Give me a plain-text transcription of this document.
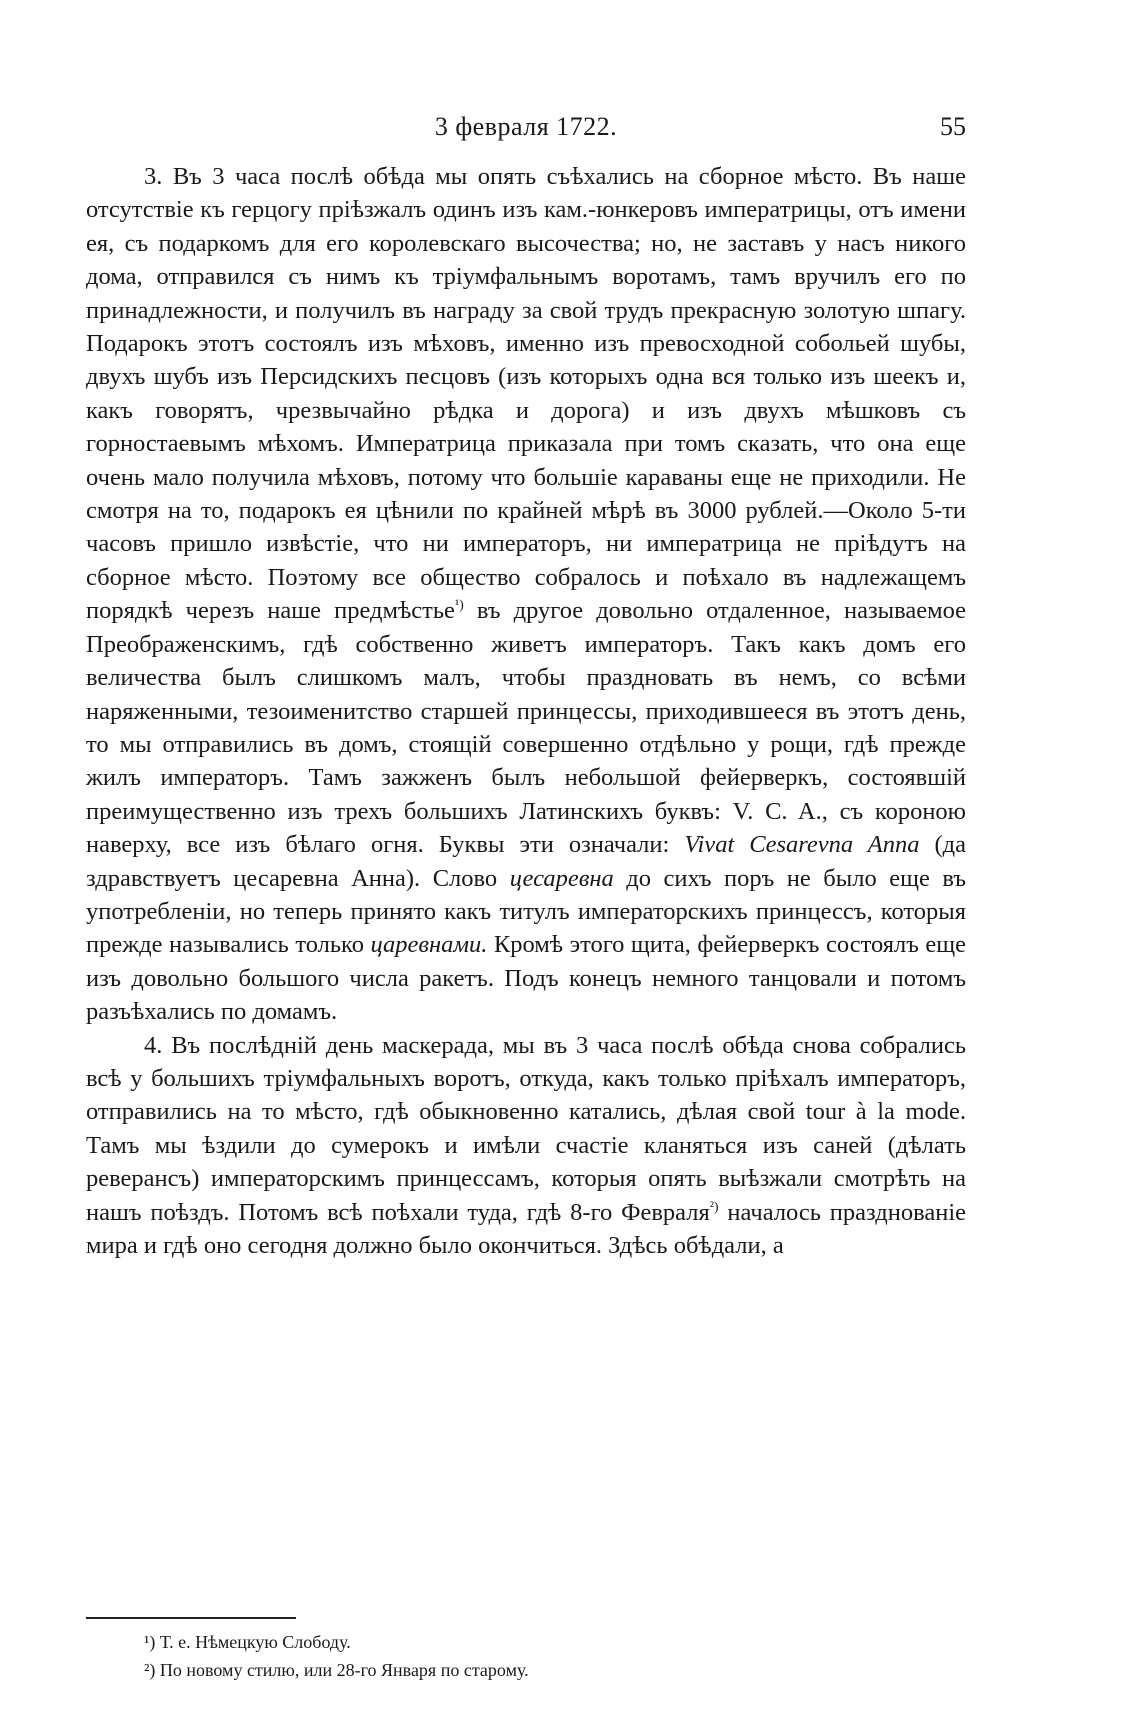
3 февраля 1722.	55

3. Въ 3 часа послѣ обѣда мы опять съѣхались на сборное мѣсто. Въ наше отсутствіе къ герцогу пріѣзжалъ одинъ изъ кам.-юнкеровъ императрицы, отъ имени ея, съ подаркомъ для его королевскаго высочества; но, не заставъ у насъ никого дома, отправился съ нимъ къ тріумфальнымъ воротамъ, тамъ вручилъ его по принадлежности, и получилъ въ награду за свой трудъ прекрасную золотую шпагу. Подарокъ этотъ состоялъ изъ мѣховъ, именно изъ превосходной собольей шубы, двухъ шубъ изъ Персидскихъ песцовъ (изъ которыхъ одна вся только изъ шеекъ и, какъ говорятъ, чрезвычайно рѣдка и дорога) и изъ двухъ мѣшковъ съ горностаевымъ мѣхомъ. Императрица приказала при томъ сказать, что она еще очень мало получила мѣховъ, потому что большіе караваны еще не приходили. Не смотря на то, подарокъ ея цѣнили по крайней мѣрѣ въ 3000 рублей.—Около 5-ти часовъ пришло извѣстіе, что ни императоръ, ни императрица не пріѣдутъ на сборное мѣсто. Поэтому все общество собралось и поѣхало въ надлежащемъ порядкѣ черезъ наше предмѣстье$^{^1)}$ въ другое довольно отдаленное, называемое Преображенскимъ, гдѣ собственно живетъ императоръ. Такъ какъ домъ его величества былъ слишкомъ малъ, чтобы праздновать въ немъ, со всѣми наряженными, тезоименитство старшей принцессы, приходившееся въ этотъ день, то мы отправились въ домъ, стоящій совершенно отдѣльно у рощи, гдѣ прежде жилъ императоръ. Тамъ зажженъ былъ небольшой фейерверкъ, состоявшій преимущественно изъ трехъ большихъ Латинскихъ буквъ: V. C. A., съ короною наверху, все изъ бѣлаго огня. Буквы эти означали: Vivat Cesarevna Anna (да здравствуетъ цесаревна Анна). Слово цесаревна до сихъ поръ не было еще въ употребленіи, но теперь принято какъ титулъ императорскихъ принцессъ, которыя прежде назывались только царевнами. Кромѣ этого щита, фейерверкъ состоялъ еще изъ довольно большого числа ракетъ. Подъ конецъ немного танцовали и потомъ разъѣхались по домамъ.

4. Въ послѣдній день маскерада, мы въ 3 часа послѣ обѣда снова собрались всѣ у большихъ тріумфальныхъ воротъ, откуда, какъ только пріѣхалъ императоръ, отправились на то мѣсто, гдѣ обыкновенно катались, дѣлая свой tour à la mode. Тамъ мы ѣздили до сумерокъ и имѣли счастіе кланяться изъ саней (дѣлать реверансъ) императорскимъ принцессамъ, которыя опять выѣзжали смотрѣть на нашъ поѣздъ. Потомъ всѣ поѣхали туда, гдѣ 8-го Февраля$^{^2)}$ началось празднованіе мира и гдѣ оно сегодня должно было окончиться. Здѣсь обѣдали, а

¹) Т. е. Нѣмецкую Слободу.
²) По новому стилю, или 28-го Января по старому.
